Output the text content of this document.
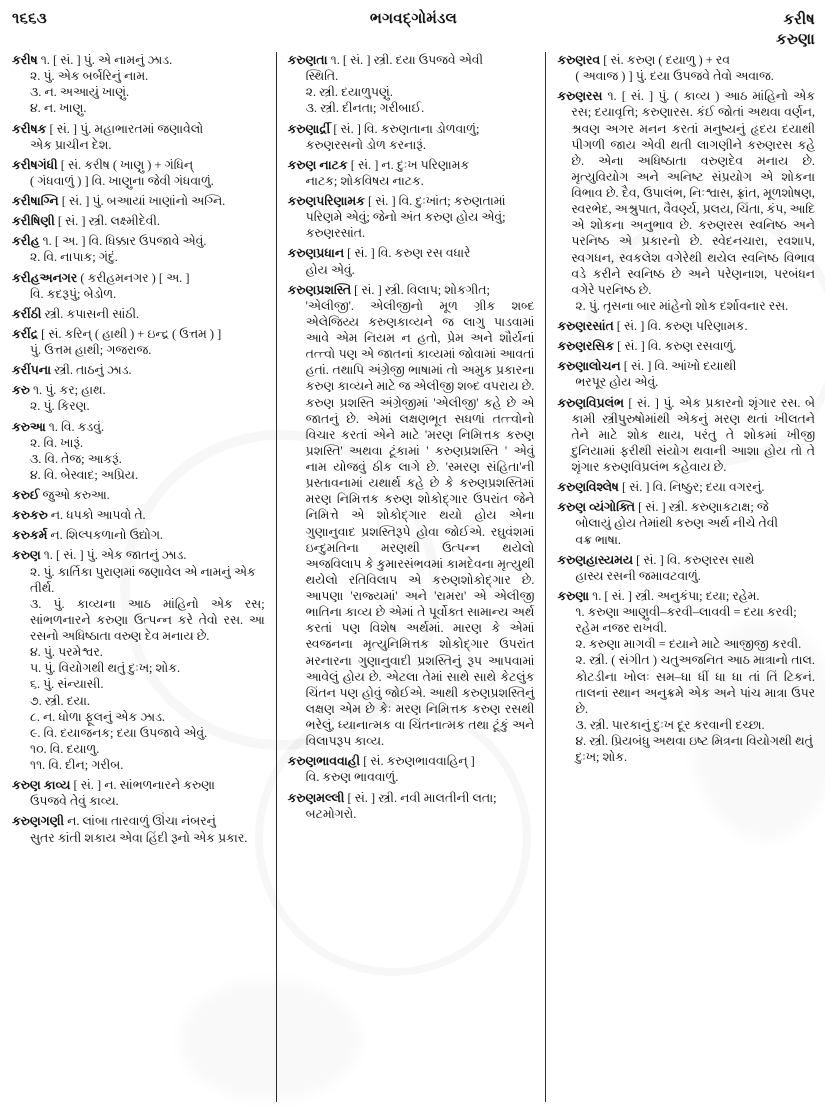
૧૬૬૩	ભગવદ્ગોમંડલ	કરીષ
કરુણા

કરીષ ૧. [ સં. ] પું. એ નામનું ઝાડ.

૨. પું. એક બર્બરિનું નામ.

૩. ન. અઆયું ખાણું.

૪. ન. ખાણુ.

કરીષક [ સં. ] પું. મહાભારતમાં જણાવેલો

એક પ્રાચીન દેશ.

કરીષગંધી [ સં. કરીષ ( ખાણુ ) + ગંધિન્

( ગંધવાળું ) ] વિ. ખાણુના જેવી ગંધવાળું.

કરીષાગ્નિ [ સં. ] પું. બઆયાં ખાણાંનો અગ્નિ.

કરીષિણી [ સં. ] સ્ત્રી. લક્ષ્મીદેવી.

કરીહ ૧. [ અ. ] વિ. ધિક્કાર ઉપજાવે એવું.

૨. વિ. નાપાક; ગંદું.

કરીહઅનગર ( કરીહમનગર ) [ અ. ]

વિ. કદરૂપું; બેડોળ.

કરીંઠી સ્ત્રી. કપાસની સાંઠી.

કરીંદ્ર [ સં. કરિન્ ( હાથી ) + ઇન્દ્ર ( ઉત્તમ ) ]

પું. ઉત્તમ હાથી; ગજરાજ.

કરીંપના સ્ત્રી. તાઠનું ઝાડ.

કરુ ૧. પું. કર; હાથ.

૨. પું. કિરણ.

કરુઆ ૧. વિ. કડવું.

૨. વિ. ખારૂં.

૩. વિ. તેજ; આકરૂં.

૪. વિ. બેસ્વાદ; અપ્રિય.

કરુઈ જુઓ કરુઆ.

કરુકરુ ન. ધપકો આપવો તે.

કરુકર્મ ન. શિલ્પકળાનો ઉદ્યોગ.

કરુણ ૧. [ સં. ] પું. એક જાતનું ઝાડ.

૨. પું. કાર્તિકા પુરાણમાં જણાવેલ એ નામનું એક તીર્થ.

૩. પું. કાવ્યના આઠ માંહિનો એક રસ; સાંભળનારને કરુણા ઉત્પન્ન કરે તેવો રસ. આ રસનો અધિષ્ઠાતા વરુણ દેવ મનાય છે.

૪. પું. પરમેશ્વર.

૫. પું. વિયોગથી થતું દુઃખ; શોક.

૬. પું. સંન્યાસી.

૭. સ્ત્રી. દયા.

૮. ન. ધોળા ફૂલનું એક ઝાડ.

૯. વિ. દયાજનક; દયા ઉપજાવે એવું.

૧૦. વિ. દયાળુ.

૧૧. વિ. દીન; ગરીબ.

કરુણ કાવ્ય [ સં. ] ન. સાંભળનારને કરુણા

ઉપજવે તેવું કાવ્ય.

કરુણગણી ન. લાંબા તારવાળું ઊંચા નંબરનું

સુતર કાંતી શકાય એવા હિંદી રૂનો એક પ્રકાર.

કરુણતા ૧. [ સં. ] સ્ત્રી. દયા ઉપજવે એવી

સ્થિતિ.

૨. સ્ત્રી. દયાળુપણું.

૩. સ્ત્રી. દીનતા; ગરીબાઈ.

કરુણાર્દ્રી [ સં. ] વિ. કરુણતાના ડોળવાળું;

કરુણરસનો ડોળ કરનારૂં.

કરુણ નાટક [ સં. ] ન. દુઃખ પરિણામક

નાટક; શોકવિષય નાટક.

કરુણપરિણામક [ સં. ] વિ. દુઃખાંત; કરુણતામાં

પરિણમે એવું; જેનો અંત કરુણ હોય એવું;

કરુણરસાંત.

કરુણપ્રધાન [ સં. ] વિ. કરુણ રસ વધારે

હોય એવું.

કરુણપ્રશસ્તિ [ સં. ] સ્ત્રી. વિલાપ; શોકગીત;

'એલીજી'. એલીજીનો મૂળ ગ્રીક શબ્દ એલેજિય્ય કરુણકાવ્યને જ લાગુ પાડવામાં આવે એમ નિયમ ન હતો, પ્રેમ અને શૌર્યનાં તત્ત્વો પણ એ જાતનાં કાવ્યમાં જોવામાં આવતાં હતાં. તથાપિ અંગ્રેજી ભાષામાં તો અમુક પ્રકારના કરુણ કાવ્યને માટે જ એલીજી શબ્દ વપરાય છે. કરુણ પ્રશસ્તિ અંગ્રેજીમાં 'એલીજી' કહે છે એ જાતનું છે. એમાં લક્ષણભૂત સધળાં તત્ત્વોનો વિચાર કરતાં એને માટે 'મરણ નિમિત્તક કરુણ પ્રશસ્તિ' અથવા ટૂંકામાં ' કરુણપ્રશસ્તિ ' એવું નામ યોજવું ઠીક લાગે છે. 'સ્મરણ સંહિતા'ની પ્રસ્તાવનામાં યથાર્થ કહે છે કે કરુણપ્રશસ્તિમાં મરણ નિમિત્તક કરુણ શોકોદ્ગાર ઉપરાંત જેને નિમિત્તે એ શોકોદ્ગાર થયો હોય એના ગુણાનુવાદ પ્રશસ્તિરૂપે હોવા જોઈએ. રઘુવંશમાં ઇન્દુમતિના મરણથી ઉત્પન્ન થયેલો અજવિલાપ કે કુમારસંભવમાં કામદેવના મૃત્યુથી થયેલો રતિવિલાપ એ કરુણશોકોદ્ગાર છે. આપણા 'રાજ્યમાં' અને 'રામરા' એ એલીજી ભાતિના કાવ્ય છે એમાં તે પૂર્વોક્ત સામાન્ય અર્થ કરતાં પણ વિશેષ અર્થમાં. મારણ કે એમાં સ્વજનના મૃત્યુનિમિત્તક શોકોદ્ગાર ઉપરાંત મરનારના ગુણાનુવાદી પ્રશસ્તિનું રૂપ આપવામાં આવેલું હોય છે. એટલા તેમાં સાથે સાથે કેટલુંક ચિંતન પણ હોવું જોઈએ. આથી કરુણપ્રશસ્તિનું લક્ષણ એમ છે કેઃ મરણ નિમિત્તક કરુણ રસથી ભરેલું, ધ્યાનાત્મક વા ચિંતનાત્મક તથા ટૂંકું અને વિલાપરૂપ કાવ્ય.

કરુણભાવવાહી [ સં. કરુણભાવવાહિન્ ]

વિ. કરુણ ભાવવાળું.

કરુણમલ્લી [ સં. ] સ્ત્રી. નવી માલતીની લતા;

બટમોગરો.

કરુણરવ [ સં. કરુણ ( દયાળુ ) + રવ

( અવાજ ) ] પું. દયા ઉપજવે તેવો અવાજ.

કરુણરસ ૧. [ સં. ] પું. ( કાવ્ય ) આઠ માંહિનો એક રસ; દયાવૃત્તિ; કરુણારસ. કંઈ જોતાં અથવા વર્ણન, શ્રવણ અગર મનન કરતાં મનુષ્યનું હૃદય દયાથી પીગળી જાય એવી થતી લાગણીને કરુણરસ કહે છે. એના અધિષ્ઠાતા વરુણદેવ મનાય છે. મૃત્યુવિયોગ અને અનિષ્ટ સંપ્રયોગ એ શોકના વિભાવ છે. દૈવ, ઉપાલંભ, નિઃશ્વાસ, ફ્રાંત, મૂળશોષણ, સ્વરભેદ, અશ્રુપાત, વૈવર્ણ્ય, પ્રલય, ચિંતા, કંપ, આદિ એ શોકના અનુભાવ છે. કરુણરસ સ્વનિષ્ઠ અને પરનિષ્ઠ એ પ્રકારનો છે. સ્વેદનચારા, રવશાપ, સ્વગધન, સ્વકલેશ વગેરેથી થયેલ સ્વનિષ્ઠ વિભાવ વડે કરીને સ્વનિષ્ઠ છે અને પરેણનાશ, પરબંધન વગેરે પરનિષ્ઠ છે.

૨. પું. તૃસના બાર માંહેનો શોક દર્શાવનાર રસ.

કરુણરસાંત [ સં. ] વિ. કરુણ પરિણામક.

કરુણરસિક [ સં. ] વિ. કરુણ રસવાળું.

કરુણાલોચન [ સં. ] વિ. આંખો દયાથી

ભરપૂર હોય એવું.

કરુણવિપ્રલંભ [ સં. ] પું. એક પ્રકારનો શૃંગાર રસ. બે કામી સ્ત્રીપુરુષોમાંથી એકનું મરણ થતાં ખીલતને તેને માટે શોક થાય, પરંતુ તે શોકમાં ખીજી દુનિયામાં ફરીથી સંયોગ થવાની આશા હોય તો તે શૃંગાર કરુણવિપ્રલંભ કહેવાય છે.

કરુણવિશ્લેષ [ સં. ] વિ. નિષ્ઠુર; દયા વગરનું.

કરુણ વ્યંગોક્તિ [ સં. ] સ્ત્રી. કરુણાકટાક્ષ; જે

બોલાયું હોય તેમાંથી કરુણ અર્થ નીચે તેવી

વક્ર ભાષા.

કરુણહાસ્યમય [ સં. ] વિ. કરુણરસ સાથે

હાસ્ય રસની જમાવટવાળું.

કરુણા ૧. [ સં. ] સ્ત્રી. અનુકંપા; દયા; રહેમ.

૧. કરુણા આણુવી–કરવી–લાવવી = દયા કરવી; રહેમ નજર રાખવી.

૨. કરુણા માગવી = દયાને માટે આજીજી કરવી.

૨. સ્ત્રી. ( સંગીત ) ચતુઅજનિત આઠ માત્રાનો તાલ. કોટડીના ખોલઃ સમ–ધા ધીં ધા ધા તાં તિં ટિકનં. તાલનાં સ્થાન અનુક્રમે એક અને પાંચ માત્રા ઉપર છે.

૩. સ્ત્રી. પારકાનું દુઃખ દૂર કરવાની દચ્છા.

૪. સ્ત્રી. પ્રિયબંધુ અથવા ઇષ્ટ મિત્રના વિયોગથી થતું દુઃખ; શોક.
